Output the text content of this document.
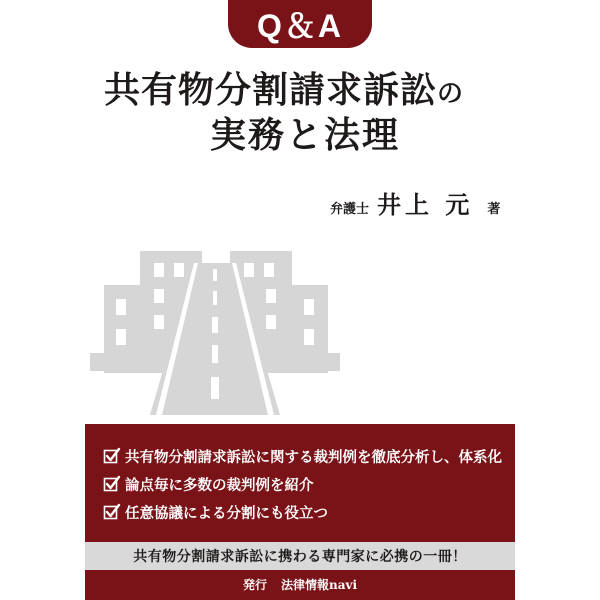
Q＆A
共有物分割請求訴訟の
実務と法理
弁護士 井上 元 著
共有物分割請求訴訟に関する裁判例を徹底分析し、体系化
論点毎に多数の裁判例を紹介
任意協議による分割にも役立つ
共有物分割請求訴訟に携わる専門家に必携の一冊！
発行 法律情報navi
